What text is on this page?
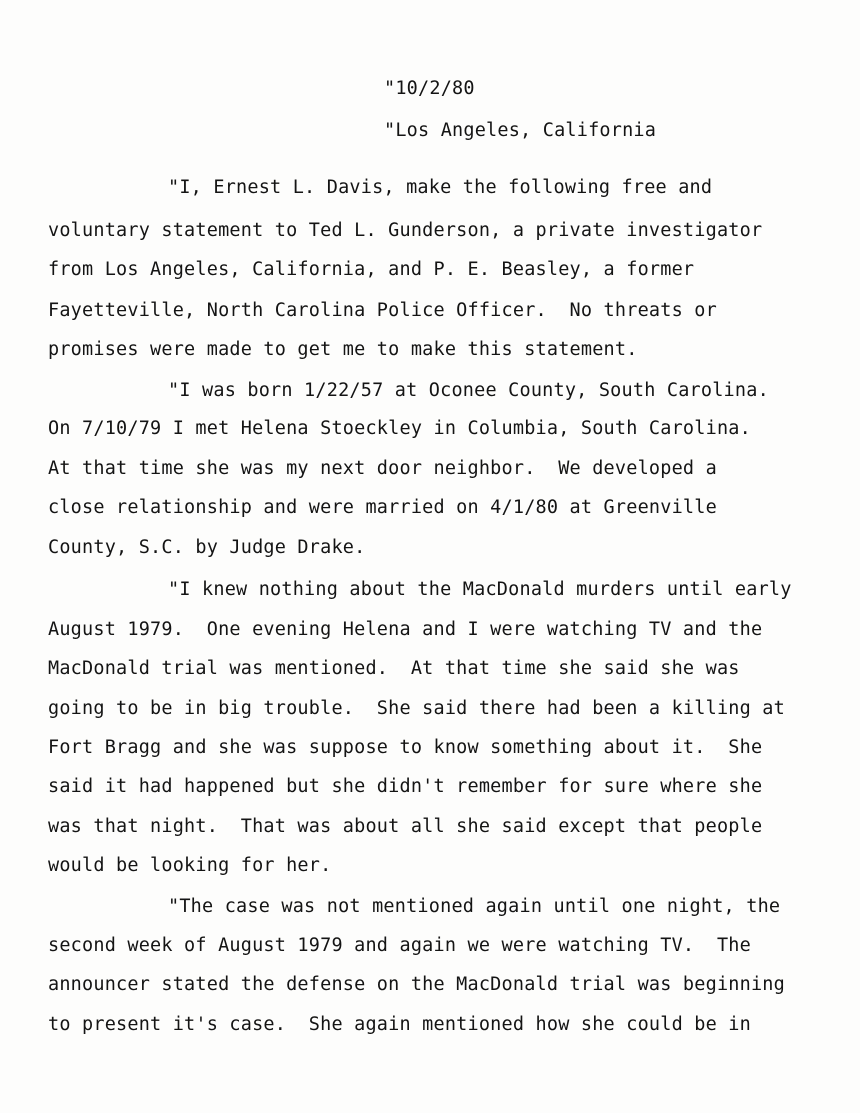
"10/2/80
"Los Angeles, California
"I, Ernest L. Davis, make the following free and
voluntary statement to Ted L. Gunderson, a private investigator
from Los Angeles, California, and P. E. Beasley, a former
Fayetteville, North Carolina Police Officer.  No threats or
promises were made to get me to make this statement.
"I was born 1/22/57 at Oconee County, South Carolina.
On 7/10/79 I met Helena Stoeckley in Columbia, South Carolina.
At that time she was my next door neighbor.  We developed a
close relationship and were married on 4/1/80 at Greenville
County, S.C. by Judge Drake.
"I knew nothing about the MacDonald murders until early
August 1979.  One evening Helena and I were watching TV and the
MacDonald trial was mentioned.  At that time she said she was
going to be in big trouble.  She said there had been a killing at
Fort Bragg and she was suppose to know something about it.  She
said it had happened but she didn't remember for sure where she
was that night.  That was about all she said except that people
would be looking for her.
"The case was not mentioned again until one night, the
second week of August 1979 and again we were watching TV.  The
announcer stated the defense on the MacDonald trial was beginning
to present it's case.  She again mentioned how she could be in
